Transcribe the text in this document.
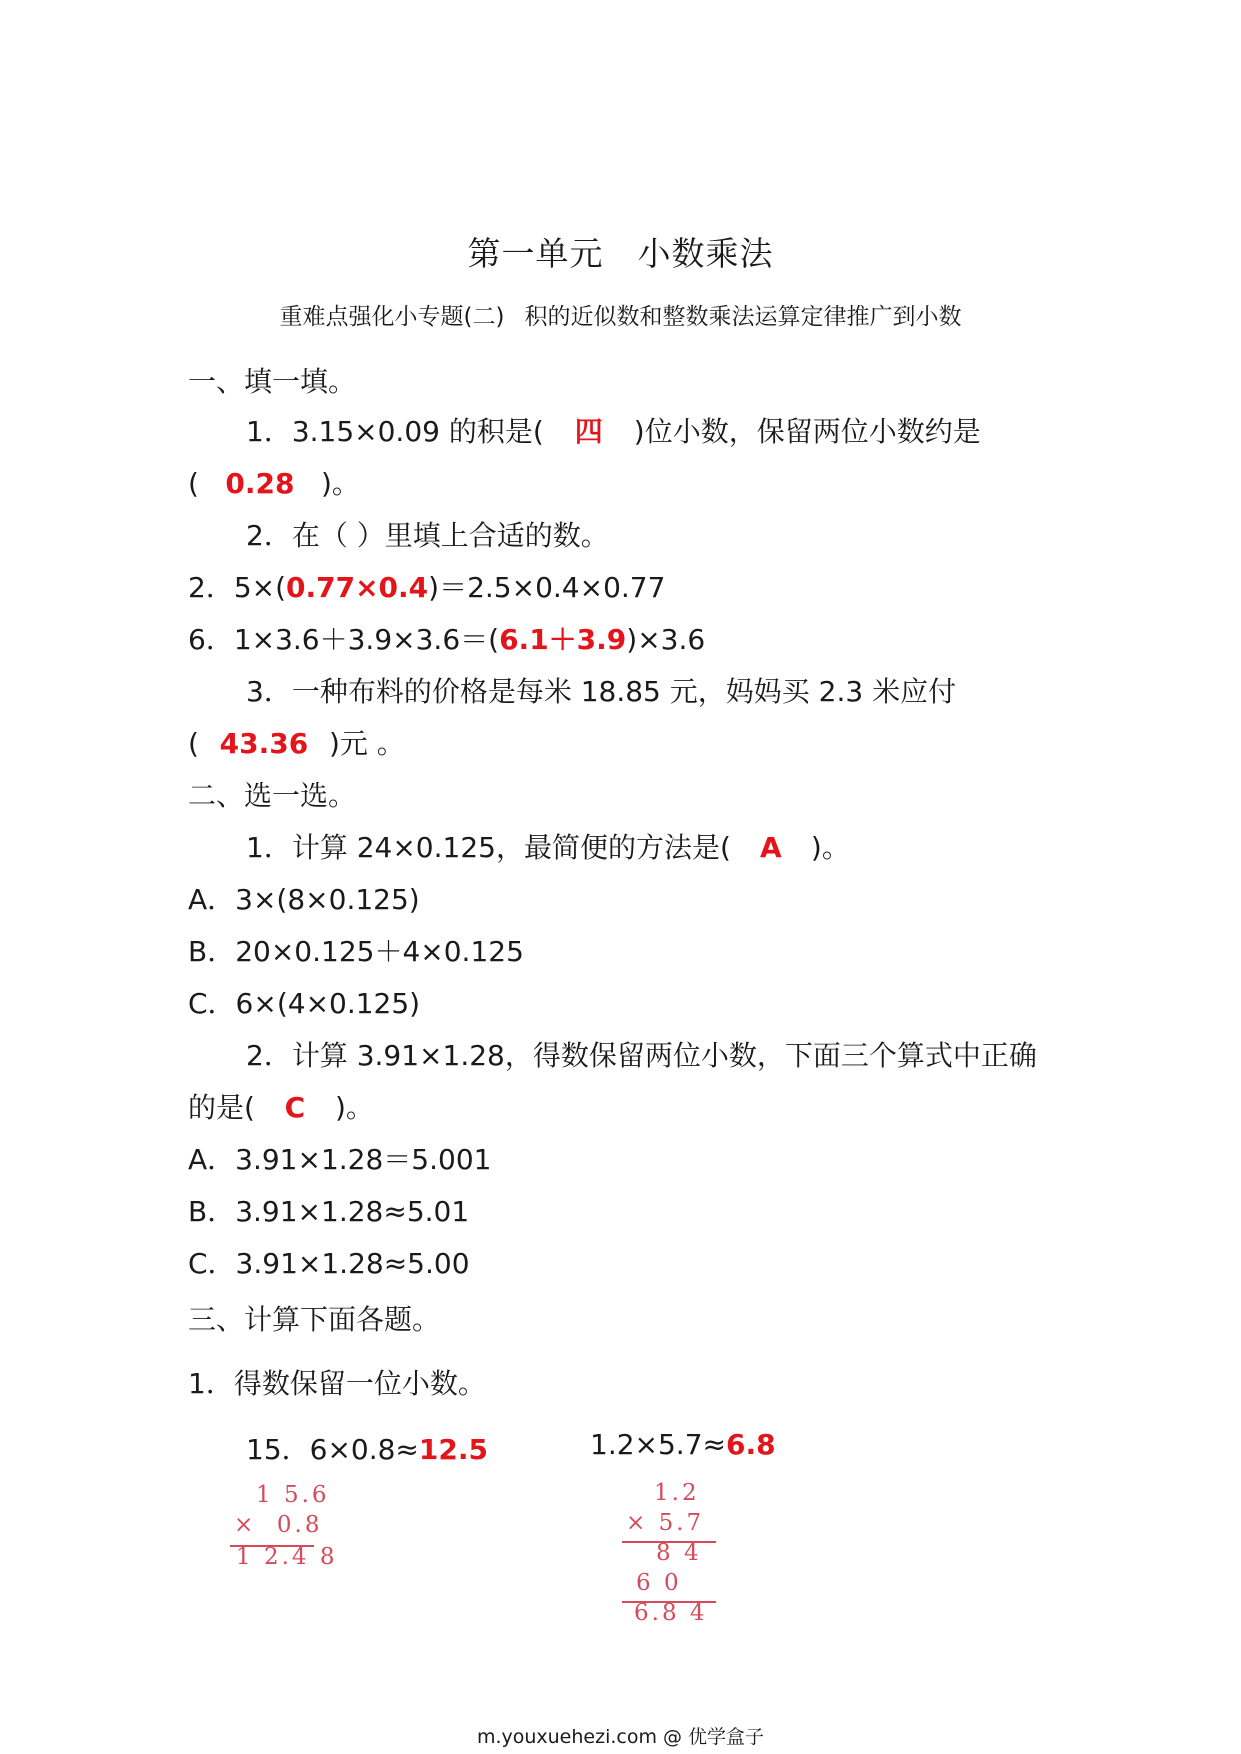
第一单元 小数乘法
重难点强化小专题(二) 积的近似数和整数乘法运算定律推广到小数
一、填一填。
1．3.15×0.09 的积是( 四 )位小数，保留两位小数约是
( 0.28 )。
2．在（ ）里填上合适的数。
2．5×(0.77×0.4)＝2.5×0.4×0.77
6．1×3.6＋3.9×3.6＝(6.1＋3.9)×3.6
3．一种布料的价格是每米 18.85 元，妈妈买 2.3 米应付
( 43.36 )元 。
二、选一选。
1．计算 24×0.125，最简便的方法是( A )。
A．3×(8×0.125)
B．20×0.125＋4×0.125
C．6×(4×0.125)
2．计算 3.91×1.28，得数保留两位小数，下面三个算式中正确
的是( C )。
A．3.91×1.28＝5.001
B．3.91×1.28≈5.01
C．3.91×1.28≈5.00
三、计算下面各题。
1．得数保留一位小数。
15．6×0.8≈12.5	1.2×5.7≈6.8
1 5.6
×  0.8
1 2.4 8
1.2
× 5.7
8 4
6 0
6.8 4
m.youxuehezi.com @ 优学盒子
